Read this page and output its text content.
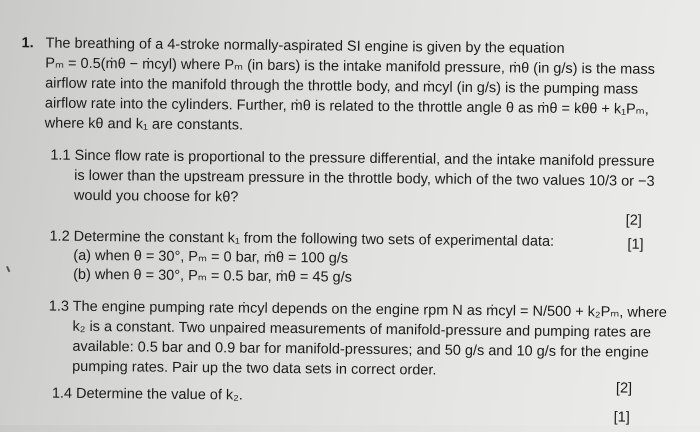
1. The breathing of a 4-stroke normally-aspirated SI engine is given by the equation
Pₘ = 0.5(ṁθ − ṁcyl) where Pₘ (in bars) is the intake manifold pressure, ṁθ (in g/s) is the mass
airflow rate into the manifold through the throttle body, and ṁcyl (in g/s) is the pumping mass
airflow rate into the cylinders. Further, ṁθ is related to the throttle angle θ as ṁθ = kθθ + k₁Pₘ,
where kθ and k₁ are constants.
1.1 Since flow rate is proportional to the pressure differential, and the intake manifold pressure
is lower than the upstream pressure in the throttle body, which of the two values 10/3 or −3
would you choose for kθ?
[2]
1.2 Determine the constant k₁ from the following two sets of experimental data:	[1]
(a) when θ = 30°, Pₘ = 0 bar, ṁθ = 100 g/s
(b) when θ = 30°, Pₘ = 0.5 bar, ṁθ = 45 g/s
1.3 The engine pumping rate ṁcyl depends on the engine rpm N as ṁcyl = N/500 + k₂Pₘ, where
k₂ is a constant. Two unpaired measurements of manifold-pressure and pumping rates are
available: 0.5 bar and 0.9 bar for manifold-pressures; and 50 g/s and 10 g/s for the engine
pumping rates. Pair up the two data sets in correct order.
[2]
1.4 Determine the value of k₂.
[1]
